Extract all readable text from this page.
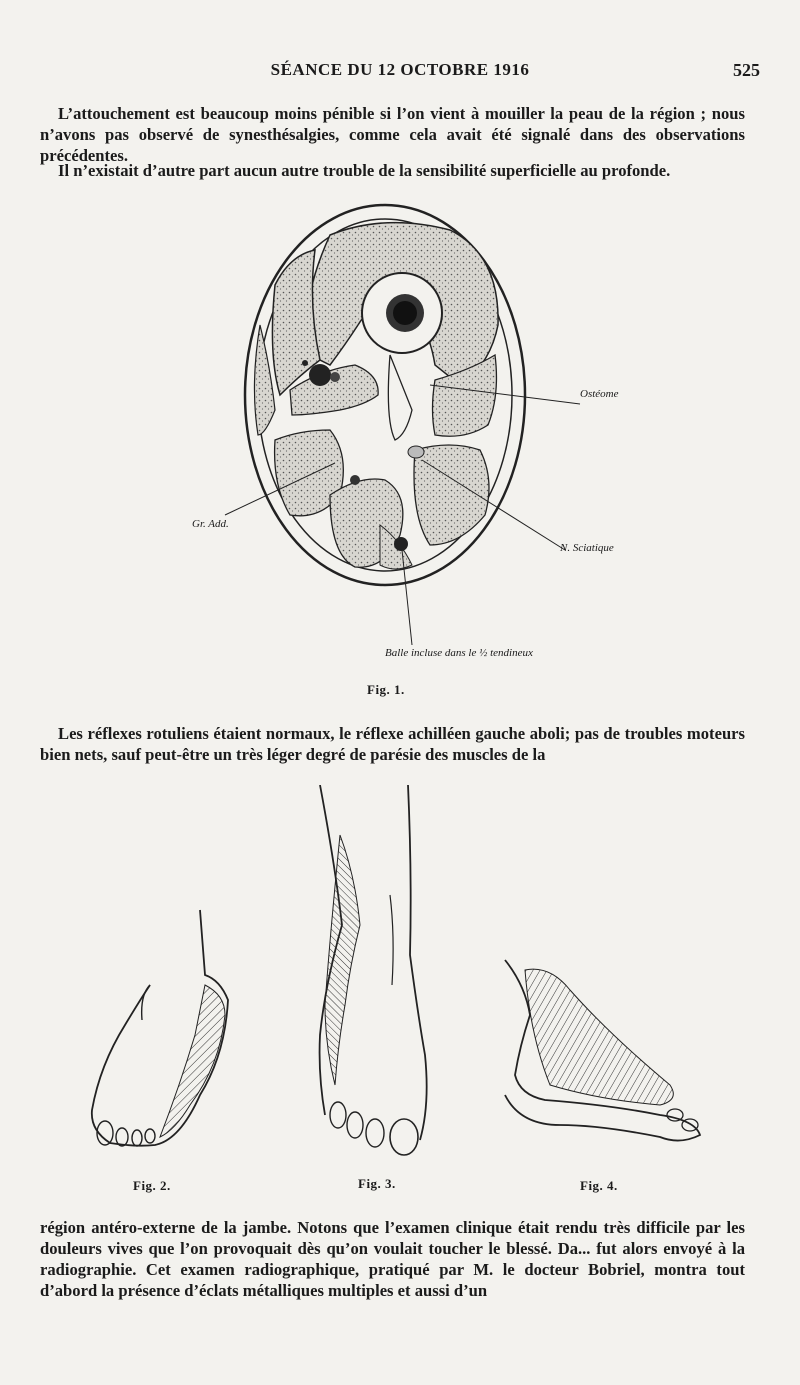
SÉANCE DU 12 OCTOBRE 1916	525

L’attouchement est beaucoup moins pénible si l’on vient à mouiller la peau de la région ; nous n’avons pas observé de synesthésalgies, comme cela avait été signalé dans des observations précédentes.

Il n’existait d’autre part aucun autre trouble de la sensibilité superficielle au profonde.

Ostéome
Gr. Add.
N. Sciatique
Balle incluse dans le ½ tendineux
Fig. 1.

Les réflexes rotuliens étaient normaux, le réflexe achilléen gauche aboli; pas de troubles moteurs bien nets, sauf peut-être un très léger degré de parésie des muscles de la

Fig. 2.	Fig. 3.	Fig. 4.

région antéro-externe de la jambe. Notons que l’examen clinique était rendu très difficile par les douleurs vives que l’on provoquait dès qu’on voulait toucher le blessé. Da... fut alors envoyé à la radiographie. Cet examen radiographique, pratiqué par M. le docteur Bobriel, montra tout d’abord la présence d’éclats métalliques multiples et aussi d’un
